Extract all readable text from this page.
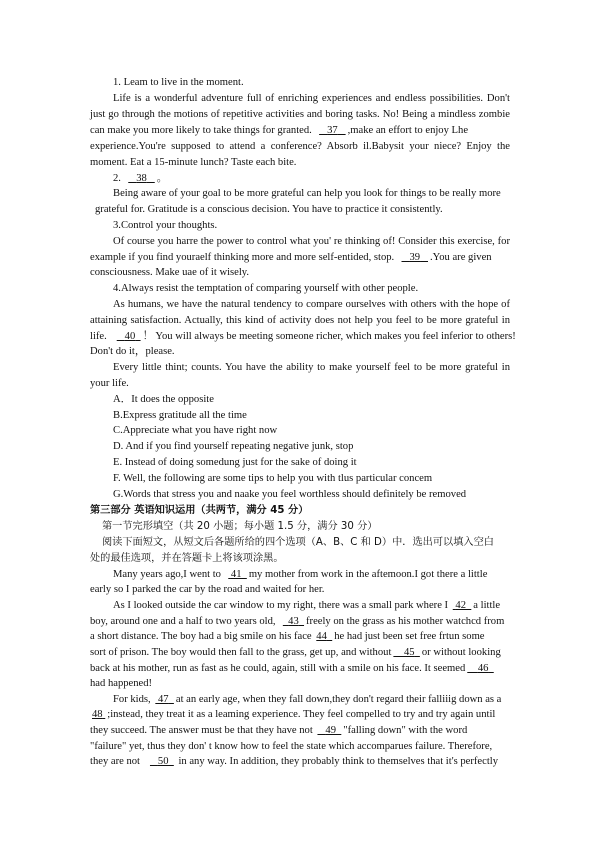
1. Leam to live in the moment.
Life is a wonderful adventure full of enriching experiences and endless possibilities. Don't
just go through the motions of repetitive activities and boring tasks. No! Being a mindless zombie
can make you more likely to take things for granted. 37 ,make an effort to enjoy Lhe
experience.You're supposed to attend a conference? Absorb il.Babysit your niece? Enjoy the
moment. Eat a 15-minute lunch? Taste each bite.
2. 38 。
Being aware of your goal to be more grateful can help you look for things to be really more
grateful for. Gratitude is a conscious decision. You have to practice it consistently.
3.Control your thoughts.
Of course you harre the power to control what you' re thinking of! Consider this exercise, for
example if you find youraelf thinking more and more self-entided, stop. 39 .You are given
consciousness. Make uae of it wisely.
4.Always resist the temptation of comparing yourself with other people.
As humans, we have the natural tendency to compare ourselves with others with the hope of
attaining satisfaction. Actually, this kind of activity does not help you feel to be more grateful in
life. 40 ！ You will always be meeting someone richer, which makes you feel inferior to others!
Don't do it，please.
Every little thint; counts. You have the ability to make yourself feel to be more grateful in
your life.
A．It does the opposite
B.Express gratitude all the time
C.Appreciate what you have right now
D. And if you find yourself repeating negative junk, stop
E. Instead of doing somedung just for the sake of doing it
F. Well, the following are some tips to help you with tlus particular concem
G.Words that stress you and naake you feel worthless should definitely be removed
第三部分 英语知识运用（共两节，满分 45 分）
第一节完形填空（共 20 小题；每小题 1.5 分，满分 30 分）
阅读下面短文，从短文后各题所给的四个选项（A、B、C 和 D）中．选出可以填入空白
处的最佳选项，并在答题卡上将该项涂黑。
Many years ago,I went to 41 my mother from work in the aftemoon.I got there a little
early so I parked the car by the road and waited for her.
As I looked outside the car window to my right, there was a small park where I 42 a little
boy, around one and a half to two years old, 43 freely on the grass as his mother watchcd from
a short distance. The boy had a big smile on his face 44 he had just been set free frtun some
sort of prison. The boy would then fall to the grass, get up, and without 45 or without looking
back at his mother, run as fast as he could, again, still with a smile on his face. It seemed 46
had happened!
For kids, 47 at an early age, when they fall down,they don't regard their falliiig down as a
48 ;instead, they treat it as a leaming experience. They feel compelled to try and try again until
they succeed. The answer must be that they have not 49 "falling down" with the word
"failure" yet, thus they don' t know how to feel the state which accomparues failure. Therefore,
they are not 50 in any way. In addition, they probably think to themselves that it's perfectly
